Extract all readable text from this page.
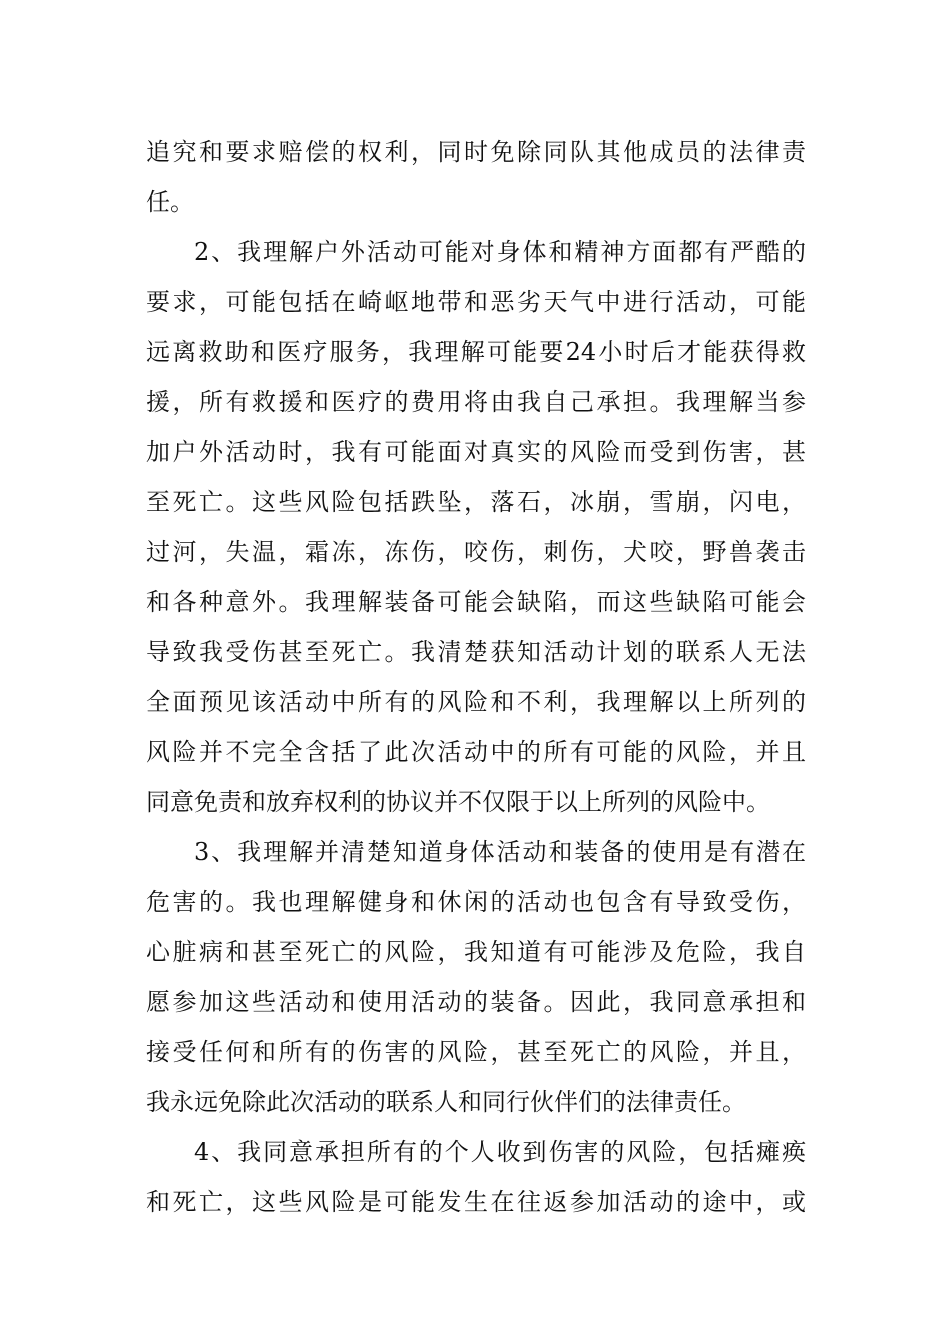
追究和要求赔偿的权利，同时免除同队其他成员的法律责
任。
2、我理解户外活动可能对身体和精神方面都有严酷的
要求，可能包括在崎岖地带和恶劣天气中进行活动，可能
远离救助和医疗服务，我理解可能要24小时后才能获得救
援，所有救援和医疗的费用将由我自己承担。我理解当参
加户外活动时，我有可能面对真实的风险而受到伤害，甚
至死亡。这些风险包括跌坠，落石，冰崩，雪崩，闪电，
过河，失温，霜冻，冻伤，咬伤，刺伤，犬咬，野兽袭击
和各种意外。我理解装备可能会缺陷，而这些缺陷可能会
导致我受伤甚至死亡。我清楚获知活动计划的联系人无法
全面预见该活动中所有的风险和不利，我理解以上所列的
风险并不完全含括了此次活动中的所有可能的风险，并且
同意免责和放弃权利的协议并不仅限于以上所列的风险中。
3、我理解并清楚知道身体活动和装备的使用是有潜在
危害的。我也理解健身和休闲的活动也包含有导致受伤，
心脏病和甚至死亡的风险，我知道有可能涉及危险，我自
愿参加这些活动和使用活动的装备。因此，我同意承担和
接受任何和所有的伤害的风险，甚至死亡的风险，并且，
我永远免除此次活动的联系人和同行伙伴们的法律责任。
4、我同意承担所有的个人收到伤害的风险，包括瘫痪
和死亡，这些风险是可能发生在往返参加活动的途中，或
